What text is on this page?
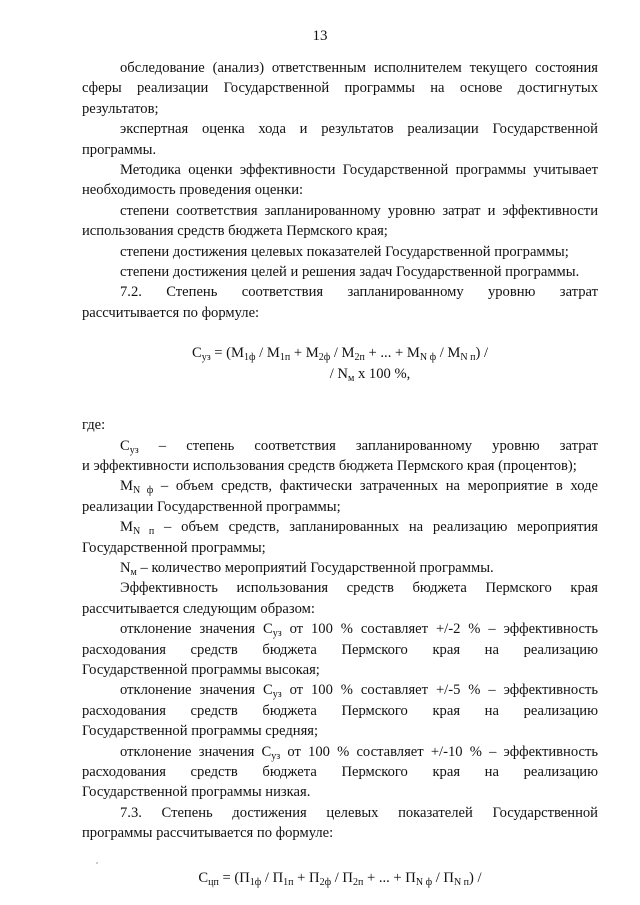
13

обследование (анализ) ответственным исполнителем текущего состояния

сферы реализации Государственной программы на основе достигнутых

результатов;

экспертная оценка хода и результатов реализации Государственной

программы.

Методика оценки эффективности Государственной программы учитывает

необходимость проведения оценки:

степени соответствия запланированному уровню затрат и эффективности

использования средств бюджета Пермского края;

степени достижения целевых показателей Государственной программы;

степени достижения целей и решения задач Государственной программы.

7.2. Степень соответствия запланированному уровню затрат

рассчитывается по формуле:

$С_{уз} = (М_{1ф} / М_{1п} + М_{2ф} / М_{2п}$ + ... + $М_{N ф} / М_{N п}$) /

/ $N_м$ х 100 %,

где:

$С_{уз}$ – степень соответствия запланированному уровню затрат

и эффективности использования средств бюджета Пермского края (процентов);

$М_{N ф}$ – объем средств, фактически затраченных на мероприятие в ходе

реализации Государственной программы;

$М_{N п}$ – объем средств, запланированных на реализацию мероприятия

Государственной программы;

$N_м$ – количество мероприятий Государственной программы.

Эффективность использования средств бюджета Пермского края

рассчитывается следующим образом:

отклонение значения $С_{уз}$ от 100 % составляет +/-2 % – эффективность

расходования средств бюджета Пермского края на реализацию

Государственной программы высокая;

отклонение значения $С_{уз}$ от 100 % составляет +/-5 % – эффективность

расходования средств бюджета Пермского края на реализацию

Государственной программы средняя;

отклонение значения $С_{уз}$ от 100 % составляет +/-10 % – эффективность

расходования средств бюджета Пермского края на реализацию

Государственной программы низкая.

7.3. Степень достижения целевых показателей Государственной

программы рассчитывается по формуле:

$С_{цп} = (П_{1ф} / П_{1п} + П_{2ф} / П_{2п}$ + ... + $П_{N ф} / П_{N п}$) /
